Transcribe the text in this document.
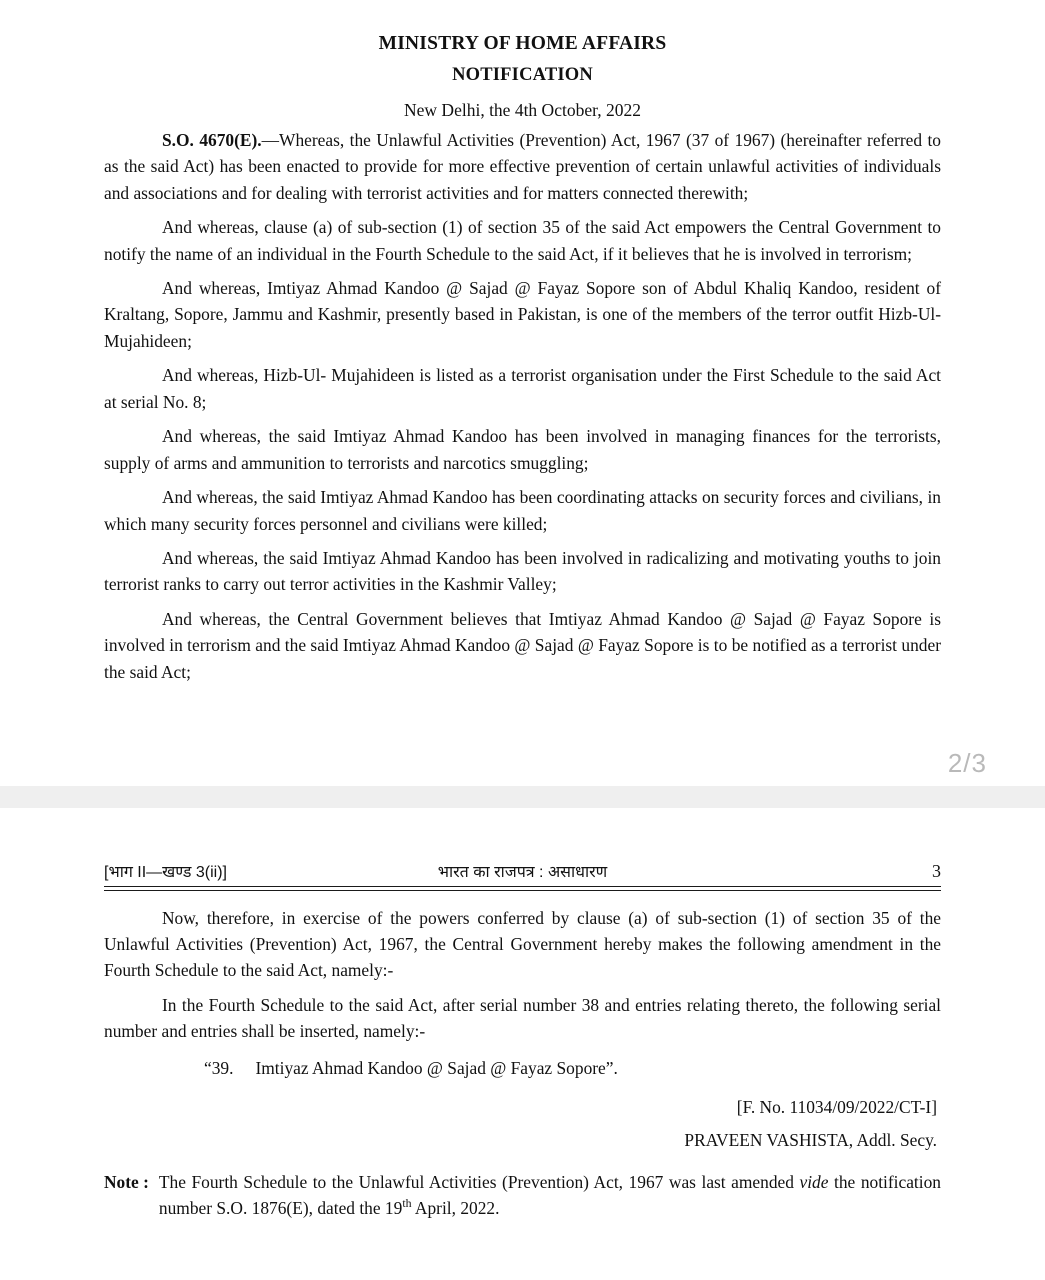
MINISTRY OF HOME AFFAIRS
NOTIFICATION
New Delhi, the 4th October, 2022

S.O. 4670(E).—Whereas, the Unlawful Activities (Prevention) Act, 1967 (37 of 1967) (hereinafter referred to as the said Act) has been enacted to provide for more effective prevention of certain unlawful activities of individuals and associations and for dealing with terrorist activities and for matters connected therewith;

And whereas, clause (a) of sub-section (1) of section 35 of the said Act empowers the Central Government to notify the name of an individual in the Fourth Schedule to the said Act, if it believes that he is involved in terrorism;

And whereas, Imtiyaz Ahmad Kandoo @ Sajad @ Fayaz Sopore son of Abdul Khaliq Kandoo, resident of Kraltang, Sopore, Jammu and Kashmir, presently based in Pakistan, is one of the members of the terror outfit Hizb-Ul- Mujahideen;

And whereas, Hizb-Ul- Mujahideen is listed as a terrorist organisation under the First Schedule to the said Act at serial No. 8;

And whereas, the said Imtiyaz Ahmad Kandoo has been involved in managing finances for the terrorists, supply of arms and ammunition to terrorists and narcotics smuggling;

And whereas, the said Imtiyaz Ahmad Kandoo has been coordinating attacks on security forces and civilians, in which many security forces personnel and civilians were killed;

And whereas, the said Imtiyaz Ahmad Kandoo has been involved in radicalizing and motivating youths to join terrorist ranks to carry out terror activities in the Kashmir Valley;

And whereas, the Central Government believes that Imtiyaz Ahmad Kandoo @ Sajad @ Fayaz Sopore is involved in terrorism and the said Imtiyaz Ahmad Kandoo @ Sajad @ Fayaz Sopore is to be notified as a terrorist under the said Act;

2/3
[भाग II—खण्ड 3(ii)]	भारत का राजपत्र : असाधारण	3

Now, therefore, in exercise of the powers conferred by clause (a) of sub-section (1) of section 35 of the Unlawful Activities (Prevention) Act, 1967, the Central Government hereby makes the following amendment in the Fourth Schedule to the said Act, namely:-

In the Fourth Schedule to the said Act, after serial number 38 and entries relating thereto, the following serial number and entries shall be inserted, namely:-

“39. Imtiyaz Ahmad Kandoo @ Sajad @ Fayaz Sopore”.
[F. No. 11034/09/2022/CT-I]
PRAVEEN VASHISTA, Addl. Secy.
Note : The Fourth Schedule to the Unlawful Activities (Prevention) Act, 1967 was last amended vide the notification number S.O. 1876(E), dated the 19th April, 2022.
